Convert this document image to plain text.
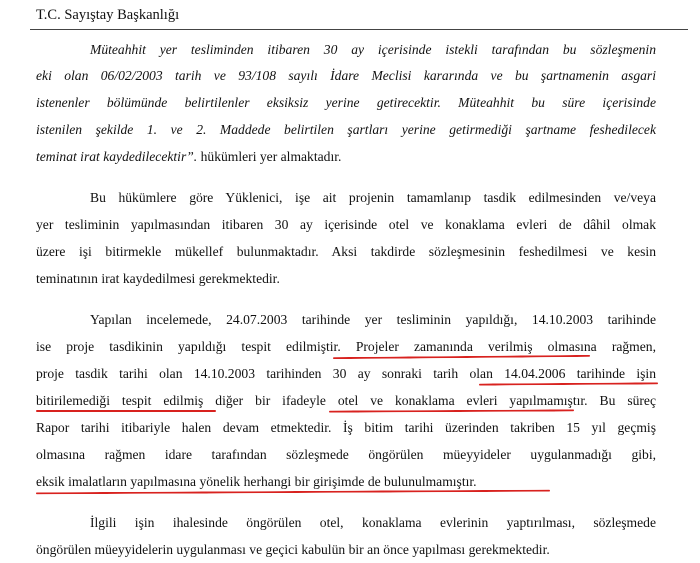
T.C. Sayıştay Başkanlığı
Müteahhit yer tesliminden itibaren 30 ay içerisinde istekli tarafından bu sözleşmenin
eki olan 06/02/2003 tarih ve 93/108 sayılı İdare Meclisi kararında ve bu şartnamenin asgari
istenenler bölümünde belirtilenler eksiksiz yerine getirecektir. Müteahhit bu süre içerisinde
istenilen şekilde 1. ve 2. Maddede belirtilen şartları yerine getirmediği şartname feshedilecek
teminat irat kaydedilecektir”. hükümleri yer almaktadır.
Bu hükümlere göre Yüklenici, işe ait projenin tamamlanıp tasdik edilmesinden ve/veya
yer tesliminin yapılmasından itibaren 30 ay içerisinde otel ve konaklama evleri de dâhil olmak
üzere işi bitirmekle mükellef bulunmaktadır. Aksi takdirde sözleşmesinin feshedilmesi ve kesin
teminatının irat kaydedilmesi gerekmektedir.
Yapılan incelemede, 24.07.2003 tarihinde yer tesliminin yapıldığı, 14.10.2003 tarihinde
ise proje tasdikinin yapıldığı tespit edilmiştir. Projeler zamanında verilmiş olmasına rağmen,
proje tasdik tarihi olan 14.10.2003 tarihinden 30 ay sonraki tarih olan 14.04.2006 tarihinde işin
bitirilemediği tespit edilmiş diğer bir ifadeyle otel ve konaklama evleri yapılmamıştır. Bu süreç
Rapor tarihi itibariyle halen devam etmektedir. İş bitim tarihi üzerinden takriben 15 yıl geçmiş
olmasına rağmen idare tarafından sözleşmede öngörülen müeyyideler uygulanmadığı gibi,
eksik imalatların yapılmasına yönelik herhangi bir girişimde de bulunulmamıştır.
İlgili işin ihalesinde öngörülen otel, konaklama evlerinin yaptırılması, sözleşmede
öngörülen müeyyidelerin uygulanması ve geçici kabulün bir an önce yapılması gerekmektedir.
